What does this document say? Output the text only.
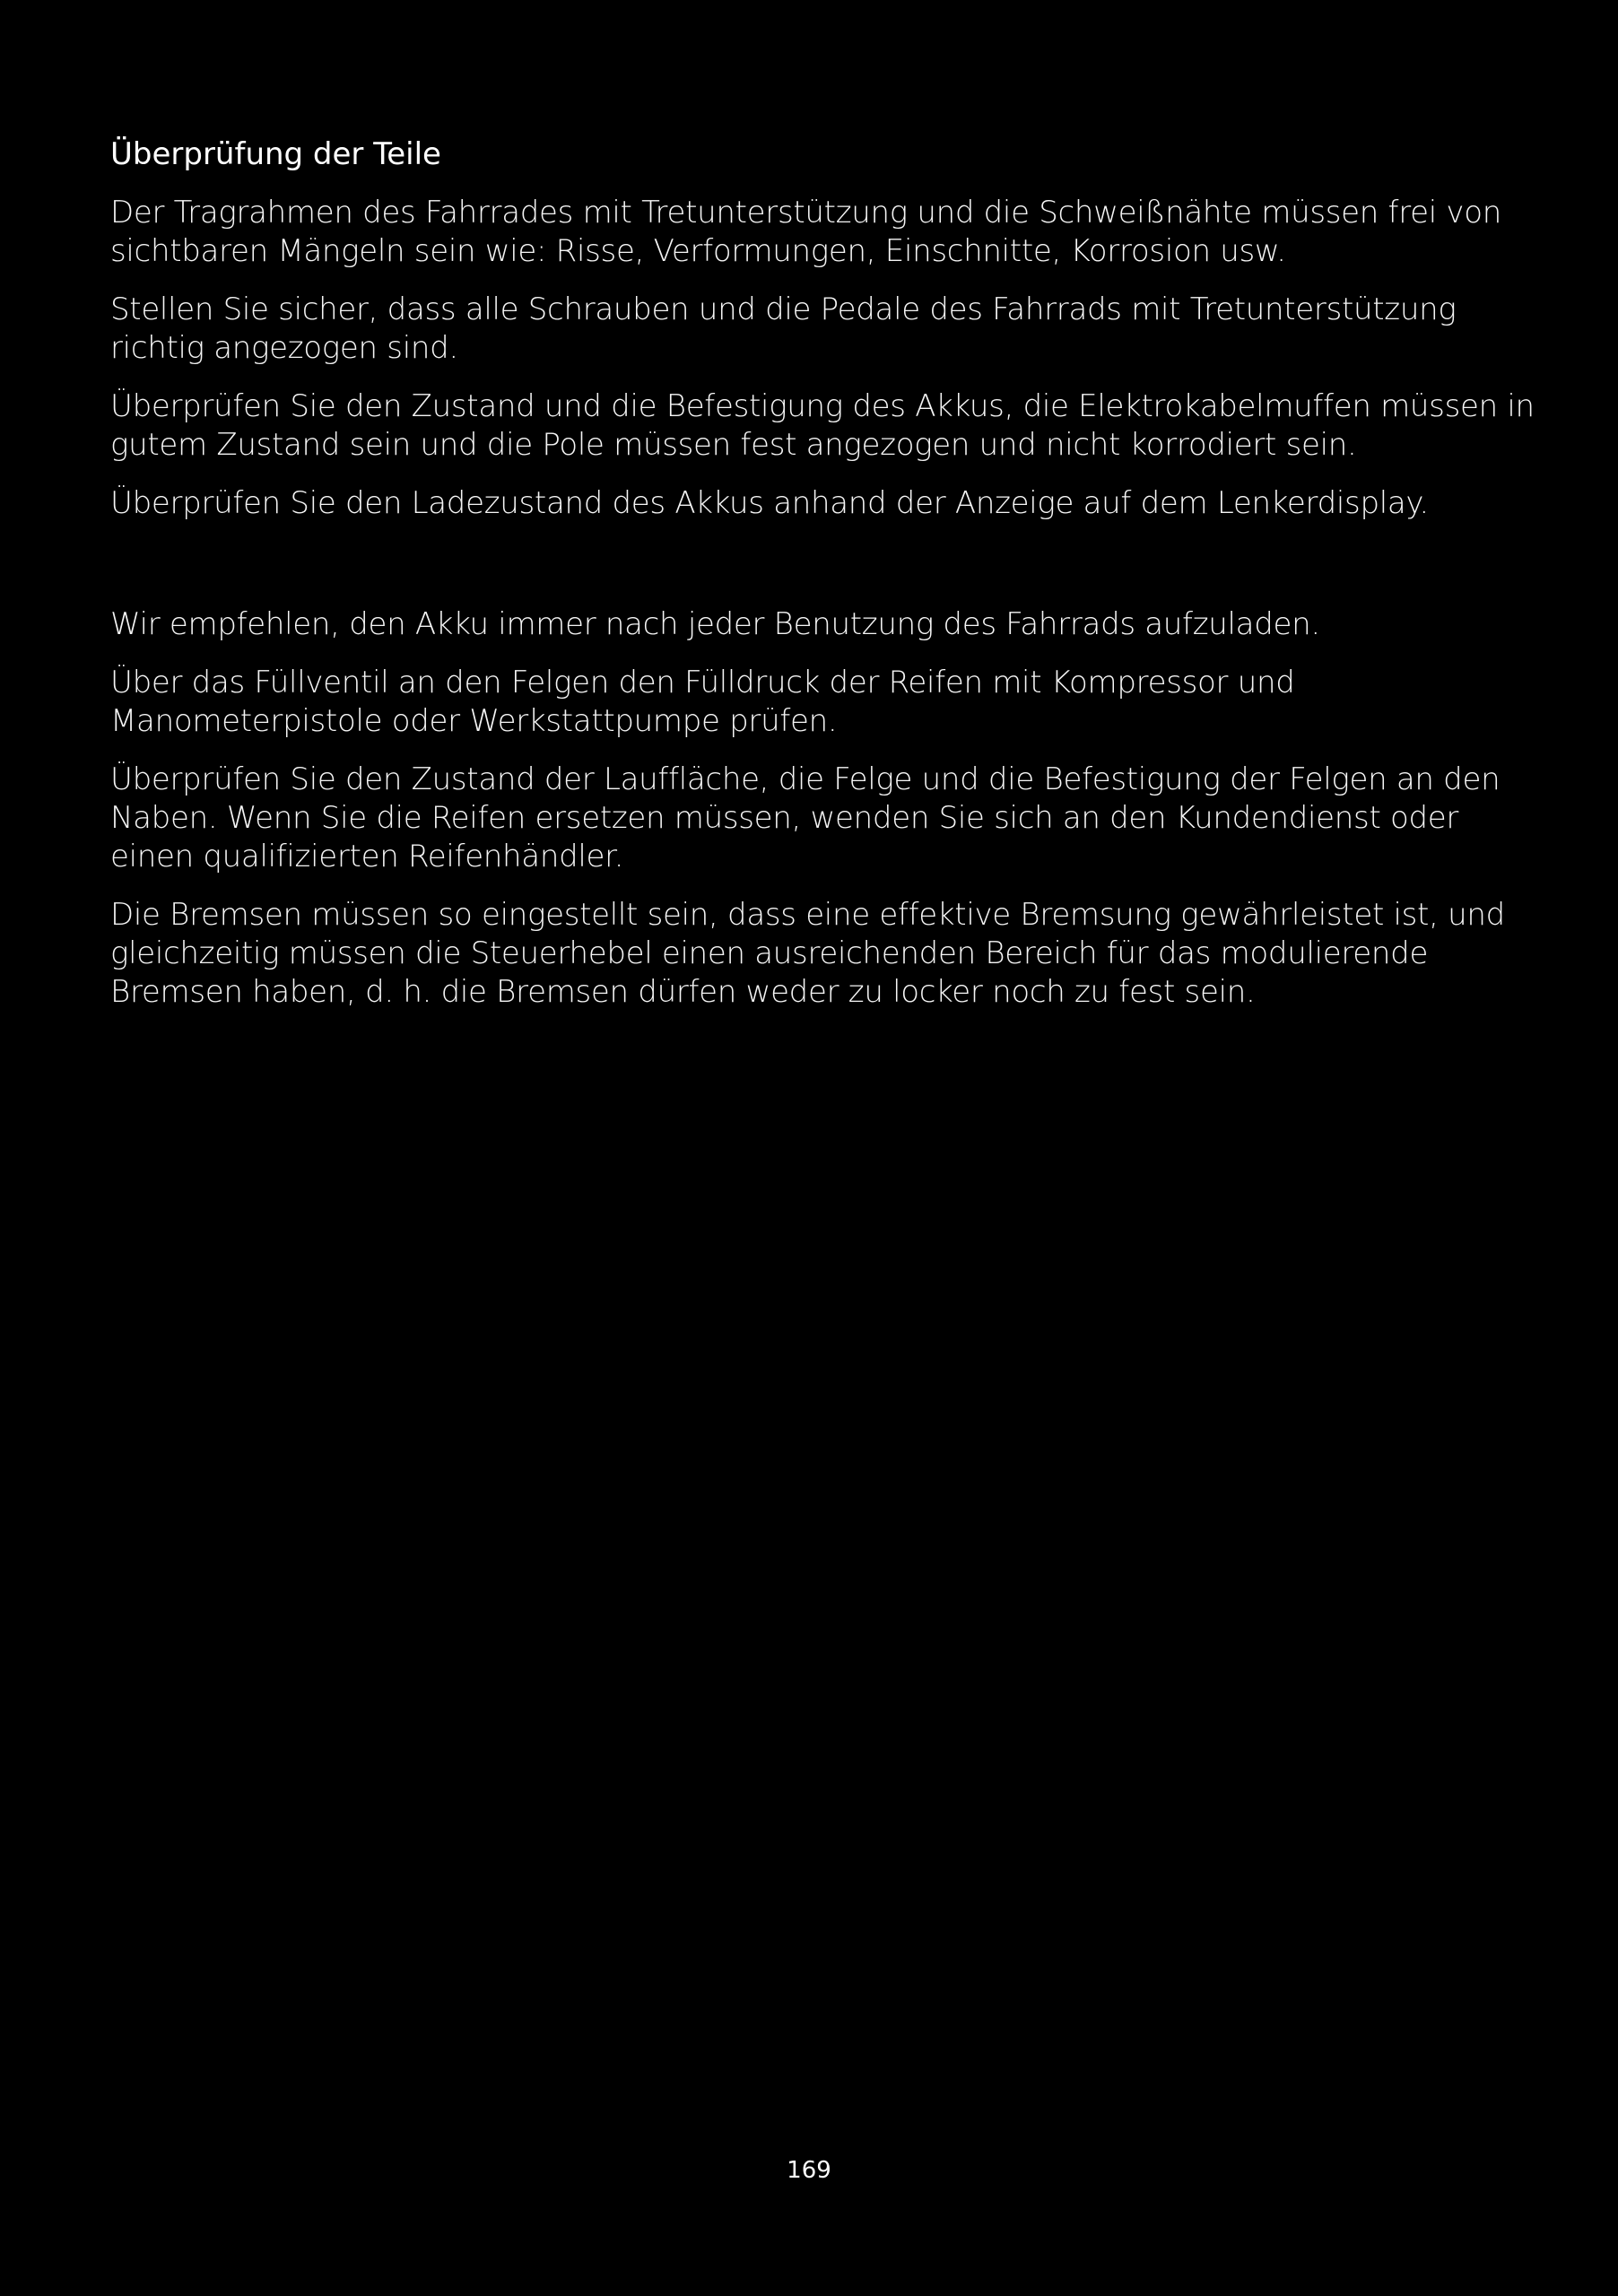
Überprüfung der Teile

Der Tragrahmen des Fahrrades mit Tretunterstützung und die Schweißnähte müssen frei von sichtbaren Mängeln sein wie: Risse, Verformungen, Einschnitte, Korrosion usw.

Stellen Sie sicher, dass alle Schrauben und die Pedale des Fahrrads mit Tretunterstützung richtig angezogen sind.

Überprüfen Sie den Zustand und die Befestigung des Akkus, die Elektrokabelmuffen müssen in gutem Zustand sein und die Pole müssen fest angezogen und nicht korrodiert sein.

Überprüfen Sie den Ladezustand des Akkus anhand der Anzeige auf dem Lenkerdisplay.

Wir empfehlen, den Akku immer nach jeder Benutzung des Fahrrads aufzuladen.

Über das Füllventil an den Felgen den Fülldruck der Reifen mit Kompressor und Manometerpistole oder Werkstattpumpe prüfen.

Überprüfen Sie den Zustand der Lauffläche, die Felge und die Befestigung der Felgen an den Naben. Wenn Sie die Reifen ersetzen müssen, wenden Sie sich an den Kundendienst oder einen qualifizierten Reifenhändler.

Die Bremsen müssen so eingestellt sein, dass eine effektive Bremsung gewährleistet ist, und gleichzeitig müssen die Steuerhebel einen ausreichenden Bereich für das modulierende Bremsen haben, d. h. die Bremsen dürfen weder zu locker noch zu fest sein.

169
